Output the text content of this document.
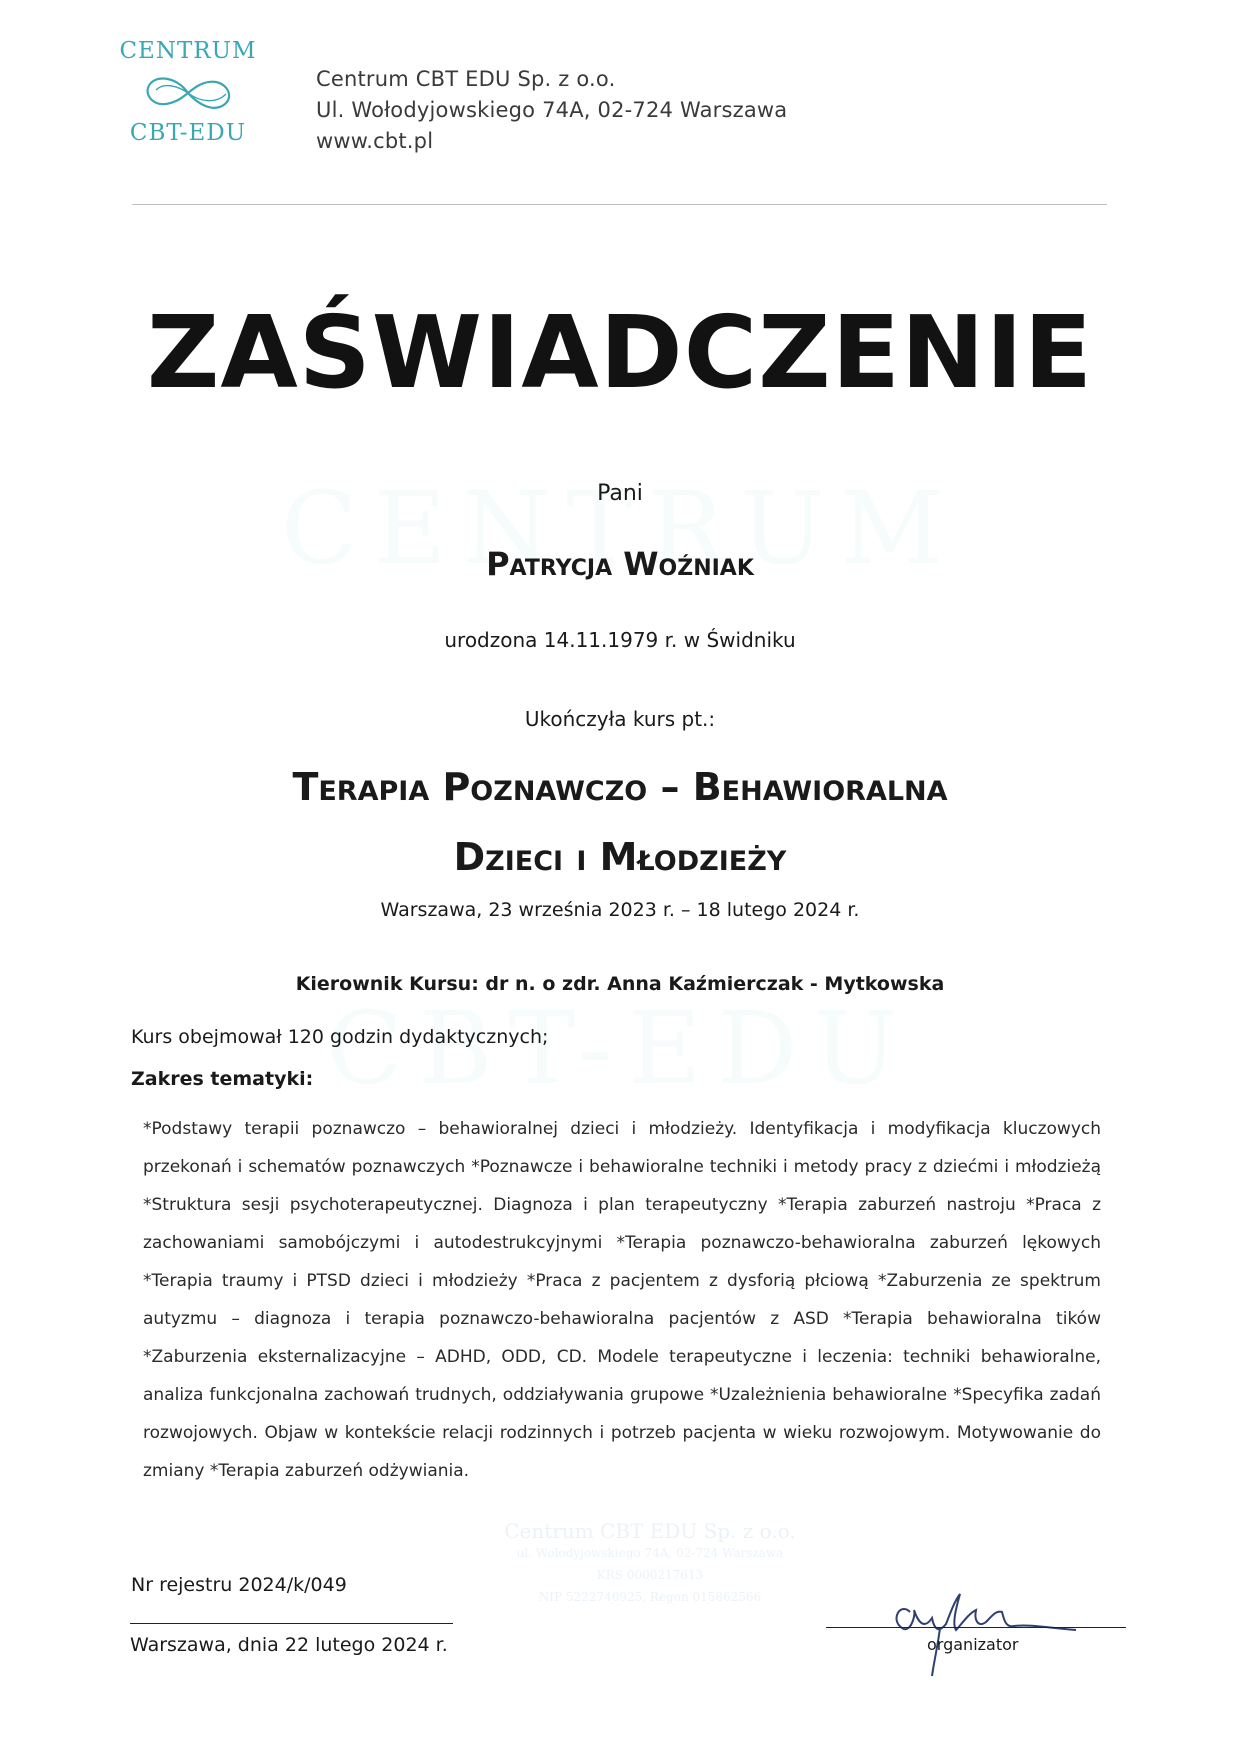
CENTRUM
CBT-EDU
Centrum CBT EDU Sp. z o.o.
Ul. Wołodyjowskiego 74A, 02-724 Warszawa
www.cbt.pl
ZAŚWIADCZENIE
Pani
Patrycja Woźniak
urodzona 14.11.1979 r. w Świdniku
Ukończyła kurs pt.:
Terapia Poznawczo – Behawioralna
Dzieci i Młodzieży
Warszawa, 23 września 2023 r. – 18 lutego 2024 r.
Kierownik Kursu: dr n. o zdr. Anna Kaźmierczak - Mytkowska
Kurs obejmował 120 godzin dydaktycznych;
Zakres tematyki:
*Podstawy terapii poznawczo – behawioralnej dzieci i młodzieży. Identyfikacja i modyfikacja kluczowych przekonań i schematów poznawczych *Poznawcze i behawioralne techniki i metody pracy z dziećmi i młodzieżą *Struktura sesji psychoterapeutycznej. Diagnoza i plan terapeutyczny *Terapia zaburzeń nastroju *Praca z zachowaniami samobójczymi i autodestrukcyjnymi *Terapia poznawczo-behawioralna zaburzeń lękowych *Terapia traumy i PTSD dzieci i młodzieży *Praca z pacjentem z dysforią płciową *Zaburzenia ze spektrum autyzmu – diagnoza i terapia poznawczo-behawioralna pacjentów z ASD *Terapia behawioralna tików *Zaburzenia eksternalizacyjne – ADHD, ODD, CD. Modele terapeutyczne i leczenia: techniki behawioralne, analiza funkcjonalna zachowań trudnych, oddziaływania grupowe *Uzależnienia behawioralne *Specyfika zadań rozwojowych. Objaw w kontekście relacji rodzinnych i potrzeb pacjenta w wieku rozwojowym. Motywowanie do zmiany *Terapia zaburzeń odżywiania.
Centrum CBT EDU Sp. z o.o.
ul. Wołodyjowskiego 74A, 02-724 Warszawa
KRS 0000217613
NIP 5222740925, Regon 015862566
Nr rejestru 2024/k/049
Warszawa, dnia 22 lutego 2024 r.	organizator
